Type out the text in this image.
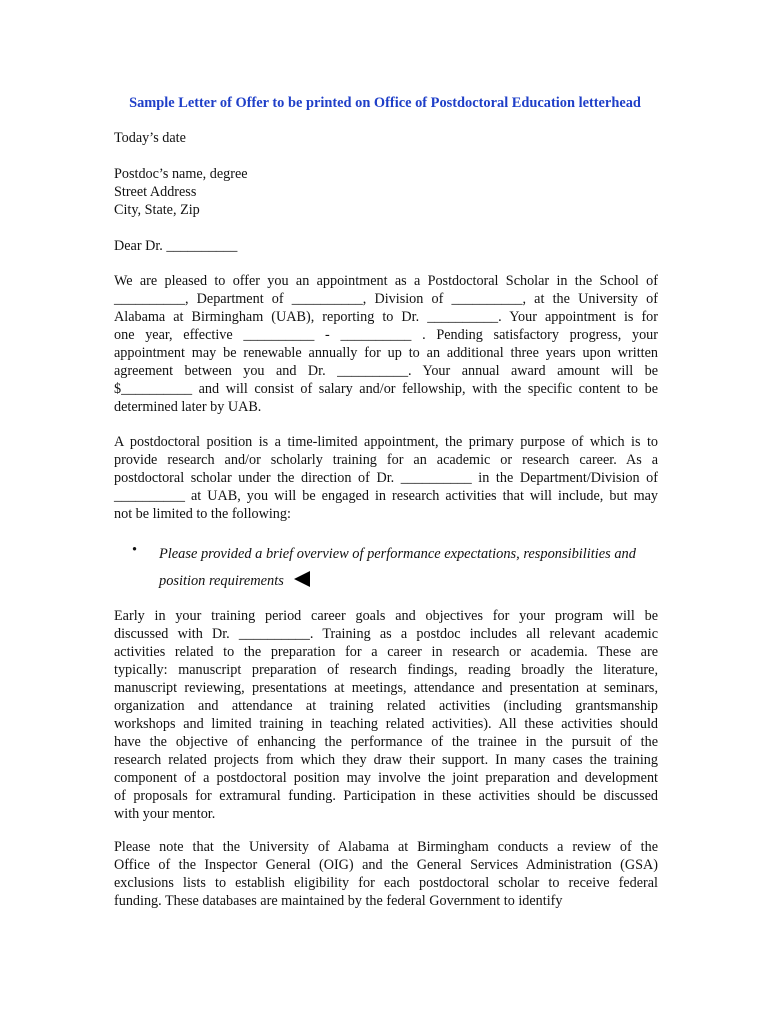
Sample Letter of Offer to be printed on Office of Postdoctoral Education letterhead

Today’s date

Postdoc’s name, degree

Street Address

City, State, Zip

Dear Dr. __________

We are pleased to offer you an appointment as a Postdoctoral Scholar in the School of

__________, Department of __________, Division of __________, at the University of

Alabama at Birmingham (UAB), reporting to Dr. __________. Your appointment is for

one year, effective __________ - __________ . Pending satisfactory progress, your

appointment may be renewable annually for up to an additional three years upon written

agreement between you and Dr. __________. Your annual award amount will be

$__________ and will consist of salary and/or fellowship, with the specific content to be

determined later by UAB.

A postdoctoral position is a time-limited appointment, the primary purpose of which is to

provide research and/or scholarly training for an academic or research career. As a

postdoctoral scholar under the direction of Dr. __________ in the Department/Division of

__________ at UAB, you will be engaged in research activities that will include, but may

not be limited to the following:

• Please provided a brief overview of performance expectations, responsibilities and
position requirements

Early in your training period career goals and objectives for your program will be

discussed with Dr. __________. Training as a postdoc includes all relevant academic

activities related to the preparation for a career in research or academia. These are

typically: manuscript preparation of research findings, reading broadly the literature,

manuscript reviewing, presentations at meetings, attendance and presentation at seminars,

organization and attendance at training related activities (including grantsmanship

workshops and limited training in teaching related activities). All these activities should

have the objective of enhancing the performance of the trainee in the pursuit of the

research related projects from which they draw their support. In many cases the training

component of a postdoctoral position may involve the joint preparation and development

of proposals for extramural funding. Participation in these activities should be discussed

with your mentor.

Please note that the University of Alabama at Birmingham conducts a review of the

Office of the Inspector General (OIG) and the General Services Administration (GSA)

exclusions lists to establish eligibility for each postdoctoral scholar to receive federal

funding. These databases are maintained by the federal Government to identify
